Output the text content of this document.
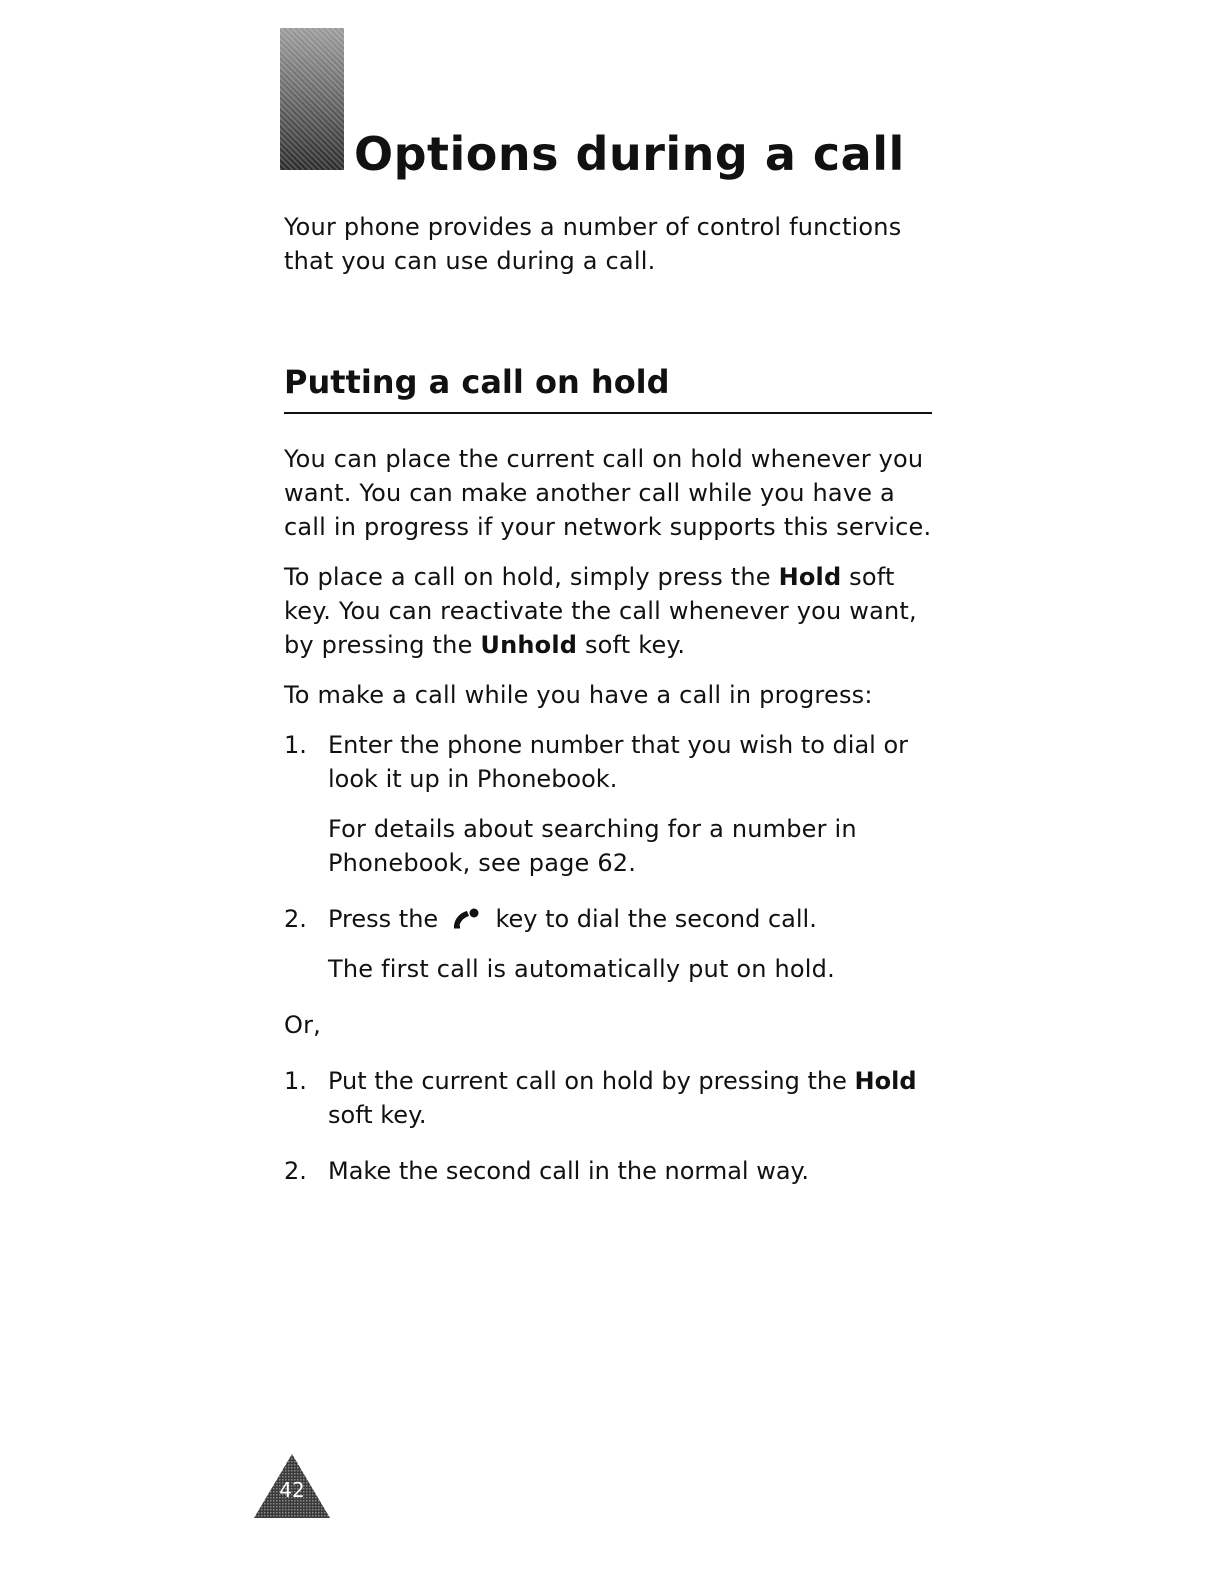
Options during a call

Your phone provides a number of control functions that you can use during a call.

Putting a call on hold

You can place the current call on hold whenever you want. You can make another call while you have a call in progress if your network supports this service.

To place a call on hold, simply press the Hold soft key. You can reactivate the call whenever you want, by pressing the Unhold soft key.

To make a call while you have a call in progress:

1. Enter the phone number that you wish to dial or look it up in Phonebook.

For details about searching for a number in Phonebook, see page 62.

2. Press the  key to dial the second call.

The first call is automatically put on hold.

Or,

1. Put the current call on hold by pressing the Hold soft key.
2. Make the second call in the normal way.
42
